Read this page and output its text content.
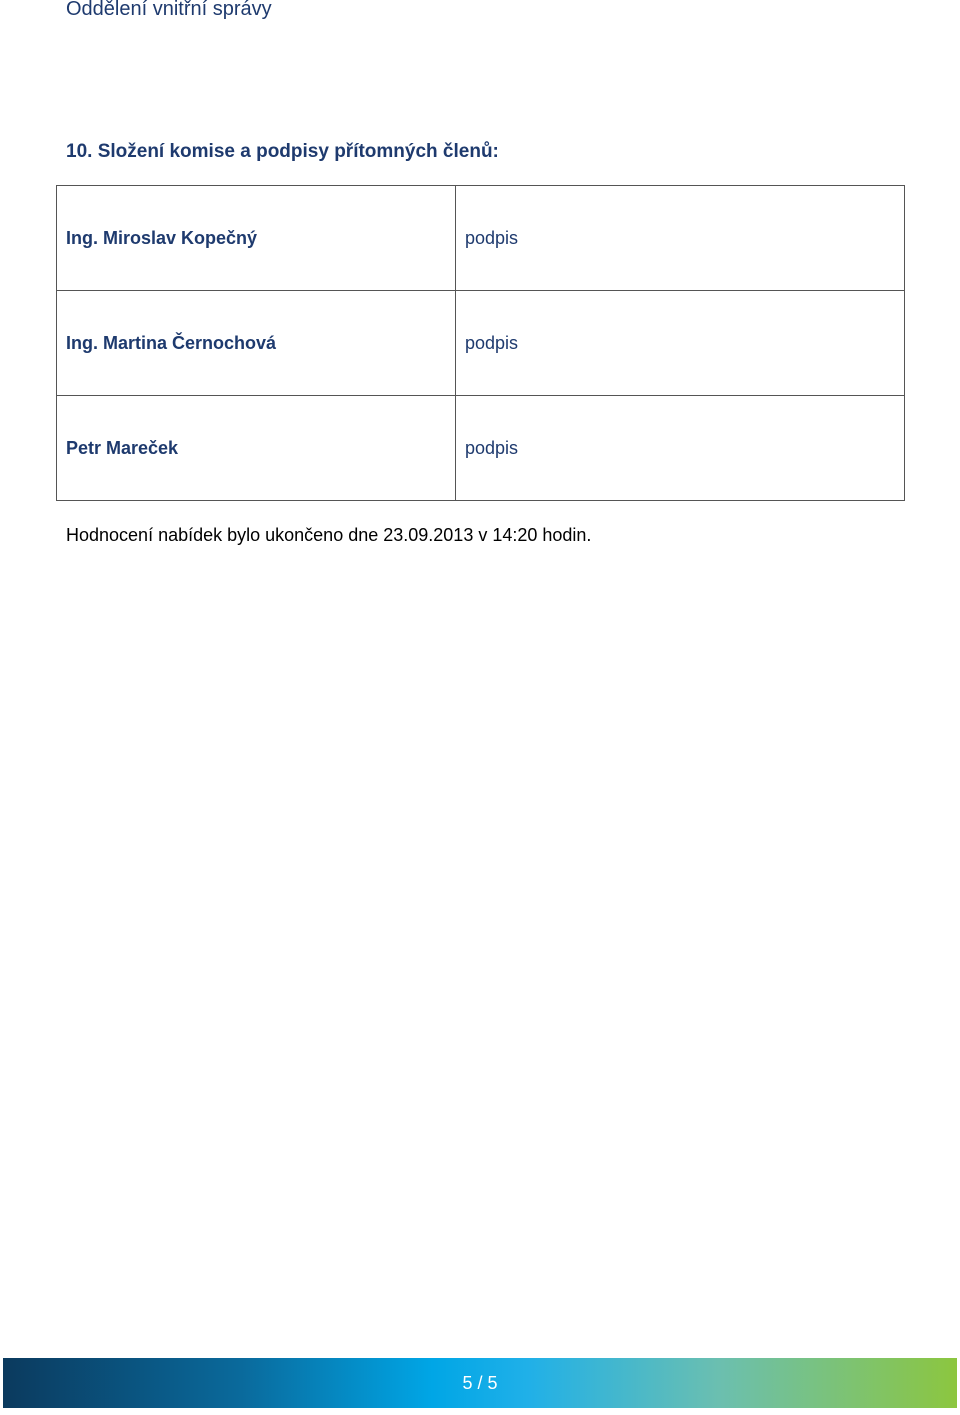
Oddělení vnitřní správy
10. Složení komise a podpisy přítomných členů:
Ing. Miroslav Kopečný	podpis
Ing. Martina Černochová	podpis
Petr Mareček	podpis
Hodnocení nabídek bylo ukončeno dne 23.09.2013 v 14:20 hodin.
5 / 5
